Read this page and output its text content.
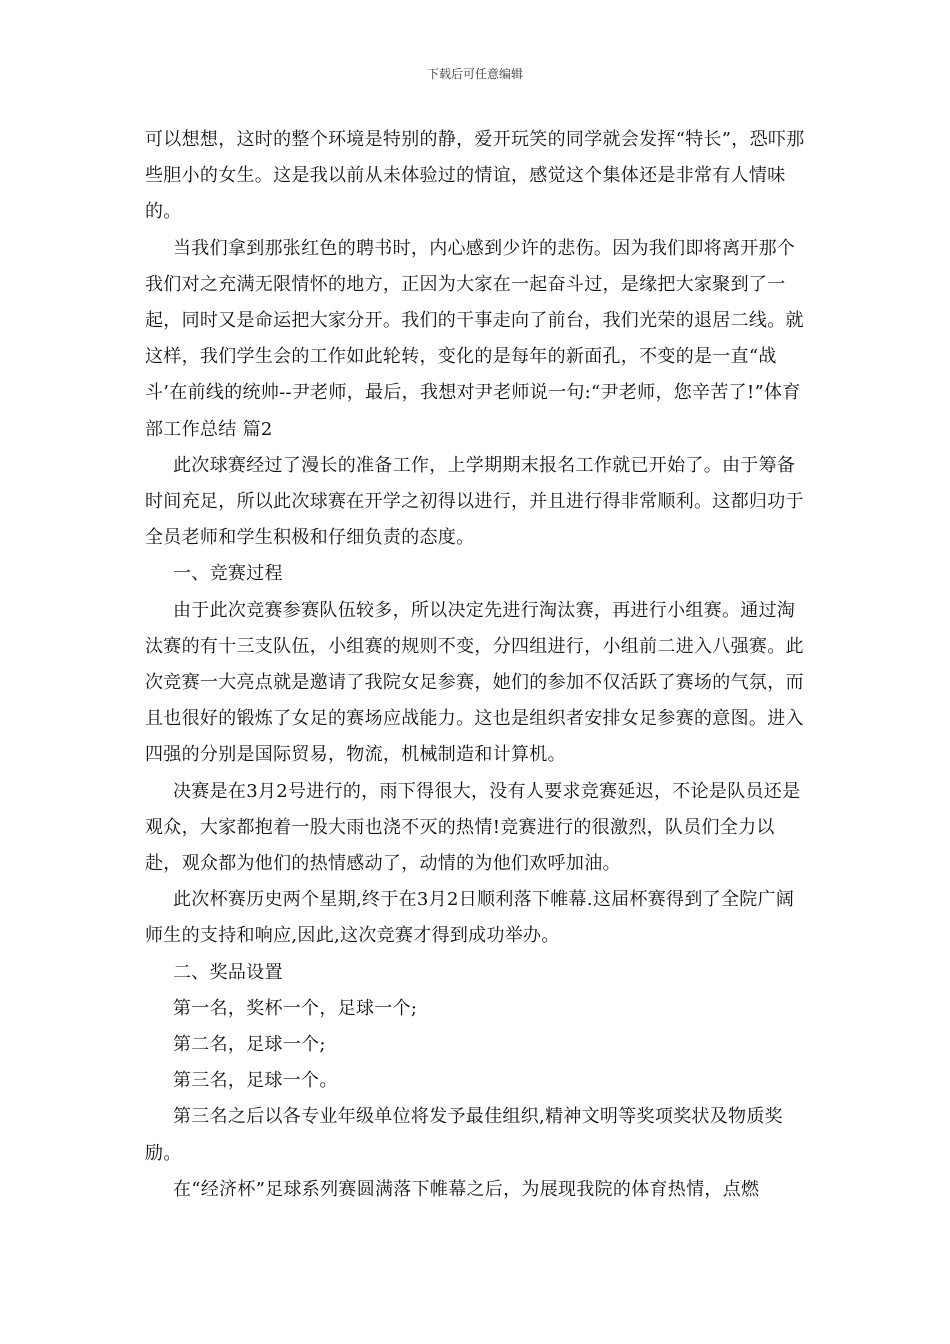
下载后可任意编辑

可以想想，这时的整个环境是特别的静，爱开玩笑的同学就会发挥“特长”，恐吓那些胆小的女生。这是我以前从未体验过的情谊，感觉这个集体还是非常有人情味的。

当我们拿到那张红色的聘书时，内心感到少许的悲伤。因为我们即将离开那个我们对之充满无限情怀的地方，正因为大家在一起奋斗过，是缘把大家聚到了一起，同时又是命运把大家分开。我们的干事走向了前台，我们光荣的退居二线。就这样，我们学生会的工作如此轮转，变化的是每年的新面孔，不变的是一直“战斗’在前线的统帅--尹老师，最后，我想对尹老师说一句:“尹老师，您辛苦了!”体育部工作总结 篇2

此次球赛经过了漫长的准备工作，上学期期末报名工作就已开始了。由于筹备时间充足，所以此次球赛在开学之初得以进行，并且进行得非常顺利。这都归功于全员老师和学生积极和仔细负责的态度。

一、竞赛过程

由于此次竞赛参赛队伍较多，所以决定先进行淘汰赛，再进行小组赛。通过淘汰赛的有十三支队伍，小组赛的规则不变，分四组进行，小组前二进入八强赛。此次竞赛一大亮点就是邀请了我院女足参赛，她们的参加不仅活跃了赛场的气氛，而且也很好的锻炼了女足的赛场应战能力。这也是组织者安排女足参赛的意图。进入四强的分别是国际贸易，物流，机械制造和计算机。

决赛是在3月2号进行的，雨下得很大，没有人要求竞赛延迟，不论是队员还是观众，大家都抱着一股大雨也浇不灭的热情!竞赛进行的很激烈，队员们全力以赴，观众都为他们的热情感动了，动情的为他们欢呼加油。

此次杯赛历史两个星期,终于在3月2日顺利落下帷幕.这届杯赛得到了全院广阔师生的支持和响应,因此,这次竞赛才得到成功举办。

二、奖品设置

第一名，奖杯一个，足球一个;

第二名，足球一个;

第三名，足球一个。

第三名之后以各专业年级单位将发予最佳组织,精神文明等奖项奖状及物质奖励。

在“经济杯”足球系列赛圆满落下帷幕之后，为展现我院的体育热情，点燃
